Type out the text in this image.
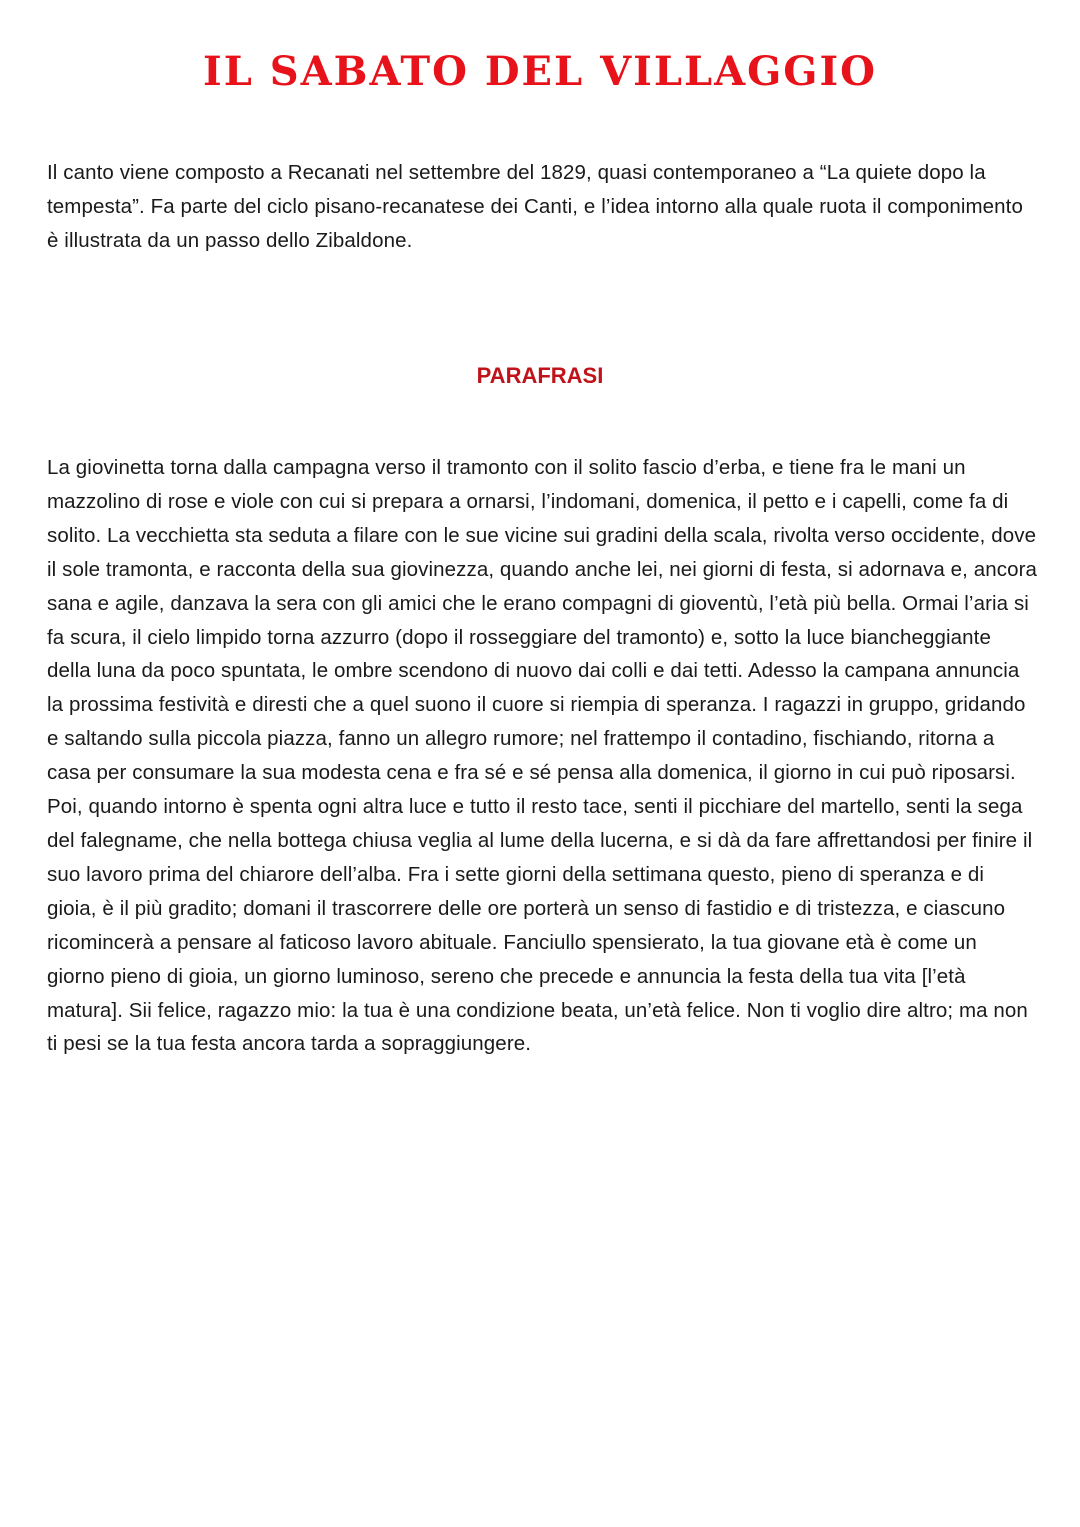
IL SABATO DEL VILLAGGIO

Il canto viene composto a Recanati nel settembre del 1829, quasi contemporaneo a “La quiete dopo la tempesta”. Fa parte del ciclo pisano-recanatese dei Canti, e l’idea intorno alla quale ruota il componimento è illustrata da un passo dello Zibaldone.

PARAFRASI

La giovinetta torna dalla campagna verso il tramonto con il solito fascio d’erba, e tiene fra le mani un mazzolino di rose e viole con cui si prepara a ornarsi, l’indomani, domenica, il petto e i capelli, come fa di solito. La vecchietta sta seduta a filare con le sue vicine sui gradini della scala, rivolta verso occidente, dove il sole tramonta, e racconta della sua giovinezza, quando anche lei, nei giorni di festa, si adornava e, ancora sana e agile, danzava la sera con gli amici che le erano compagni di gioventù, l’età più bella. Ormai l’aria si fa scura, il cielo limpido torna azzurro (dopo il rosseggiare del tramonto) e, sotto la luce biancheggiante della luna da poco spuntata, le ombre scendono di nuovo dai colli e dai tetti. Adesso la campana annuncia la prossima festività e diresti che a quel suono il cuore si riempia di speranza. I ragazzi in gruppo, gridando e saltando sulla piccola piazza, fanno un allegro rumore; nel frattempo il contadino, fischiando, ritorna a casa per consumare la sua modesta cena e fra sé e sé pensa alla domenica, il giorno in cui può riposarsi. Poi, quando intorno è spenta ogni altra luce e tutto il resto tace, senti il picchiare del martello, senti la sega del falegname, che nella bottega chiusa veglia al lume della lucerna, e si dà da fare affrettandosi per finire il suo lavoro prima del chiarore dell’alba. Fra i sette giorni della settimana questo, pieno di speranza e di gioia, è il più gradito; domani il trascorrere delle ore porterà un senso di fastidio e di tristezza, e ciascuno ricomincerà a pensare al faticoso lavoro abituale. Fanciullo spensierato, la tua giovane età è come un giorno pieno di gioia, un giorno luminoso, sereno che precede e annuncia la festa della tua vita [l’età matura]. Sii felice, ragazzo mio: la tua è una condizione beata, un’età felice. Non ti voglio dire altro; ma non ti pesi se la tua festa ancora tarda a sopraggiungere.
